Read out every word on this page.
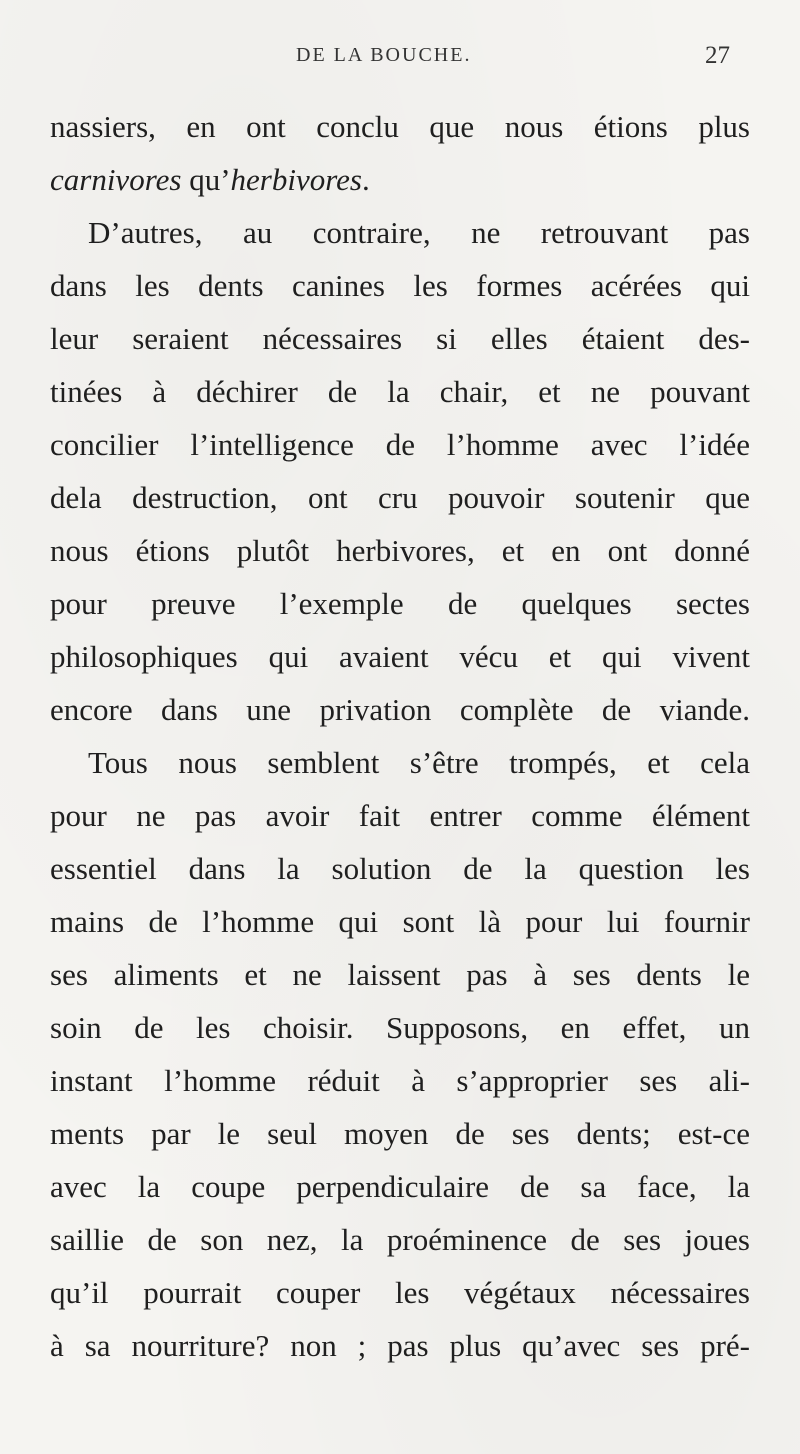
DE LA BOUCHE.	27
nassiers, en ont conclu que nous étions plus
carnivores qu’herbivores.
D’autres, au contraire, ne retrouvant pas
dans les dents canines les formes acérées qui
leur seraient nécessaires si elles étaient des-
tinées à déchirer de la chair, et ne pouvant
concilier l’intelligence de l’homme avec l’idée
dela destruction, ont cru pouvoir soutenir que
nous étions plutôt herbivores, et en ont donné
pour preuve l’exemple de quelques sectes
philosophiques qui avaient vécu et qui vivent
encore dans une privation complète de viande.
Tous nous semblent s’être trompés, et cela
pour ne pas avoir fait entrer comme élément
essentiel dans la solution de la question les
mains de l’homme qui sont là pour lui fournir
ses aliments et ne laissent pas à ses dents le
soin de les choisir. Supposons, en effet, un
instant l’homme réduit à s’approprier ses ali-
ments par le seul moyen de ses dents; est-ce
avec la coupe perpendiculaire de sa face, la
saillie de son nez, la proéminence de ses joues
qu’il pourrait couper les végétaux nécessaires
à sa nourriture? non ; pas plus qu’avec ses pré-
